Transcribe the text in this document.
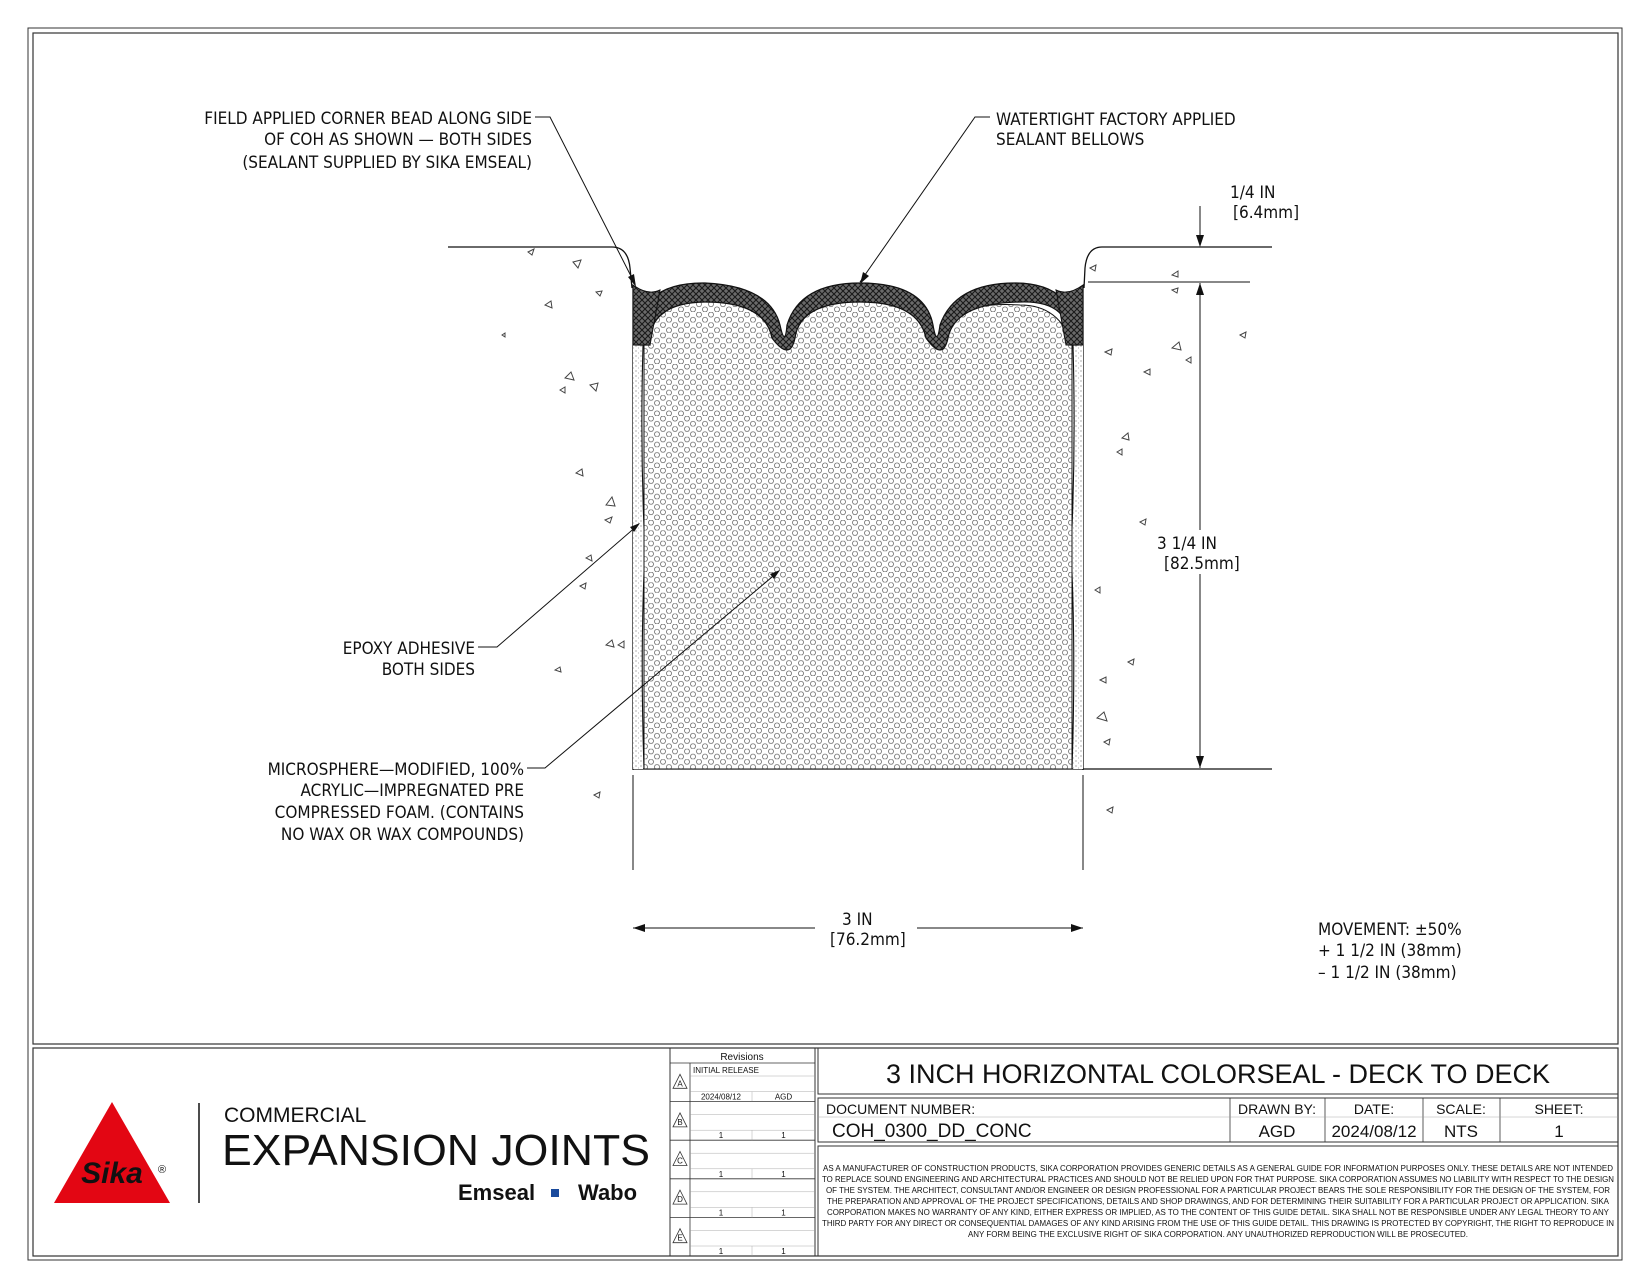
1/4 IN
[6.4mm]
3 1/4 IN
[82.5mm]
3 IN
[76.2mm]
FIELD APPLIED CORNER BEAD ALONG SIDE
OF COH AS SHOWN — BOTH SIDES
(SEALANT SUPPLIED BY SIKA EMSEAL)
WATERTIGHT FACTORY APPLIED
SEALANT BELLOWS
EPOXY ADHESIVE
BOTH SIDES
MICROSPHERE—MODIFIED, 100%
ACRYLIC—IMPREGNATED PRE
COMPRESSED FOAM. (CONTAINS
NO WAX OR WAX COMPOUNDS)
MOVEMENT: ±50%
+ 1 1/2 IN (38mm)
– 1 1/2 IN (38mm)
Sika ®
COMMERCIAL
EXPANSION JOINTS
Emseal Wabo
Revisions
A
INITIAL RELEASE
2024/08/12	AGD
B
1	1
C
1	1
D
1	1
E
1	1
3 INCH HORIZONTAL COLORSEAL - DECK TO DECK
DOCUMENT NUMBER:
COH_0300_DD_CONC
DRAWN BY:
AGD
DATE:
2024/08/12
SCALE:
NTS
SHEET:
1
AS A MANUFACTURER OF CONSTRUCTION PRODUCTS, SIKA CORPORATION PROVIDES GENERIC DETAILS AS A GENERAL GUIDE FOR INFORMATION PURPOSES ONLY. THESE DETAILS ARE NOT INTENDED
TO REPLACE SOUND ENGINEERING AND ARCHITECTURAL PRACTICES AND SHOULD NOT BE RELIED UPON FOR THAT PURPOSE. SIKA CORPORATION ASSUMES NO LIABILITY WITH RESPECT TO THE DESIGN
OF THE SYSTEM. THE ARCHITECT, CONSULTANT AND/OR ENGINEER OR DESIGN PROFESSIONAL FOR A PARTICULAR PROJECT BEARS THE SOLE RESPONSIBILITY FOR THE DESIGN OF THE SYSTEM, FOR
THE PREPARATION AND APPROVAL OF THE PROJECT SPECIFICATIONS, DETAILS AND SHOP DRAWINGS, AND FOR DETERMINING THEIR SUITABILITY FOR A PARTICULAR PROJECT OR APPLICATION. SIKA
CORPORATION MAKES NO WARRANTY OF ANY KIND, EITHER EXPRESS OR IMPLIED, AS TO THE CONTENT OF THIS GUIDE DETAIL. SIKA SHALL NOT BE RESPONSIBLE UNDER ANY LEGAL THEORY TO ANY
THIRD PARTY FOR ANY DIRECT OR CONSEQUENTIAL DAMAGES OF ANY KIND ARISING FROM THE USE OF THIS GUIDE DETAIL. THIS DRAWING IS PROTECTED BY COPYRIGHT, THE RIGHT TO REPRODUCE IN
ANY FORM BEING THE EXCLUSIVE RIGHT OF SIKA CORPORATION. ANY UNAUTHORIZED REPRODUCTION WILL BE PROSECUTED.
